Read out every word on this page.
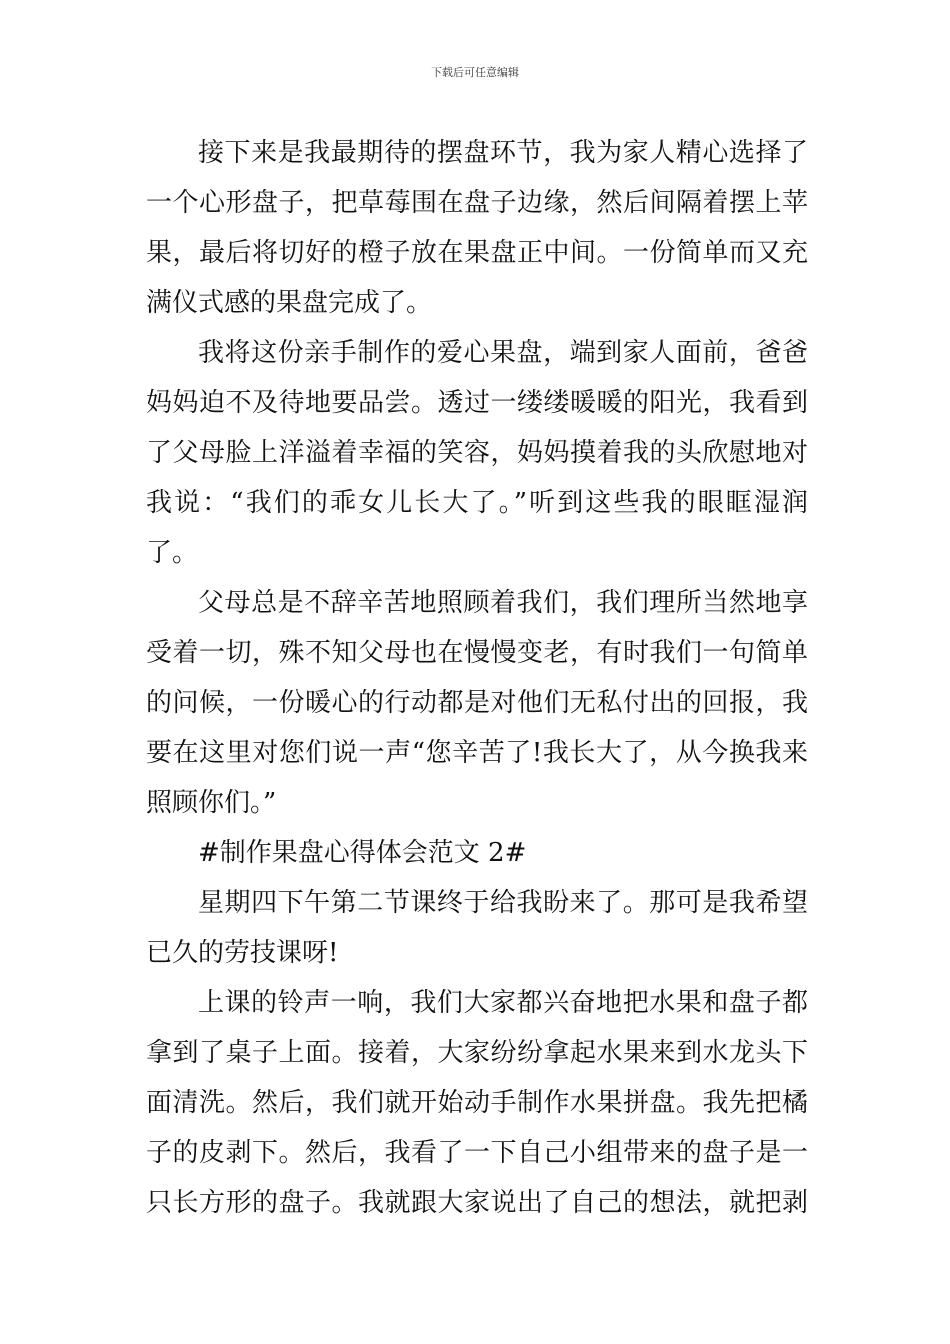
下载后可任意编辑
接下来是我最期待的摆盘环节，我为家人精心选择了
一个心形盘子，把草莓围在盘子边缘，然后间隔着摆上苹
果，最后将切好的橙子放在果盘正中间。一份简单而又充
满仪式感的果盘完成了。
我将这份亲手制作的爱心果盘，端到家人面前，爸爸
妈妈迫不及待地要品尝。透过一缕缕暖暖的阳光，我看到
了父母脸上洋溢着幸福的笑容，妈妈摸着我的头欣慰地对
我说：“我们的乖女儿长大了。”听到这些我的眼眶湿润
了。
父母总是不辞辛苦地照顾着我们，我们理所当然地享
受着一切，殊不知父母也在慢慢变老，有时我们一句简单
的问候，一份暖心的行动都是对他们无私付出的回报，我
要在这里对您们说一声“您辛苦了!我长大了，从今换我来
照顾你们。”
#制作果盘心得体会范文 2#
星期四下午第二节课终于给我盼来了。那可是我希望
已久的劳技课呀!
上课的铃声一响，我们大家都兴奋地把水果和盘子都
拿到了桌子上面。接着，大家纷纷拿起水果来到水龙头下
面清洗。然后，我们就开始动手制作水果拼盘。我先把橘
子的皮剥下。然后，我看了一下自己小组带来的盘子是一
只长方形的盘子。我就跟大家说出了自己的想法，就把剥
